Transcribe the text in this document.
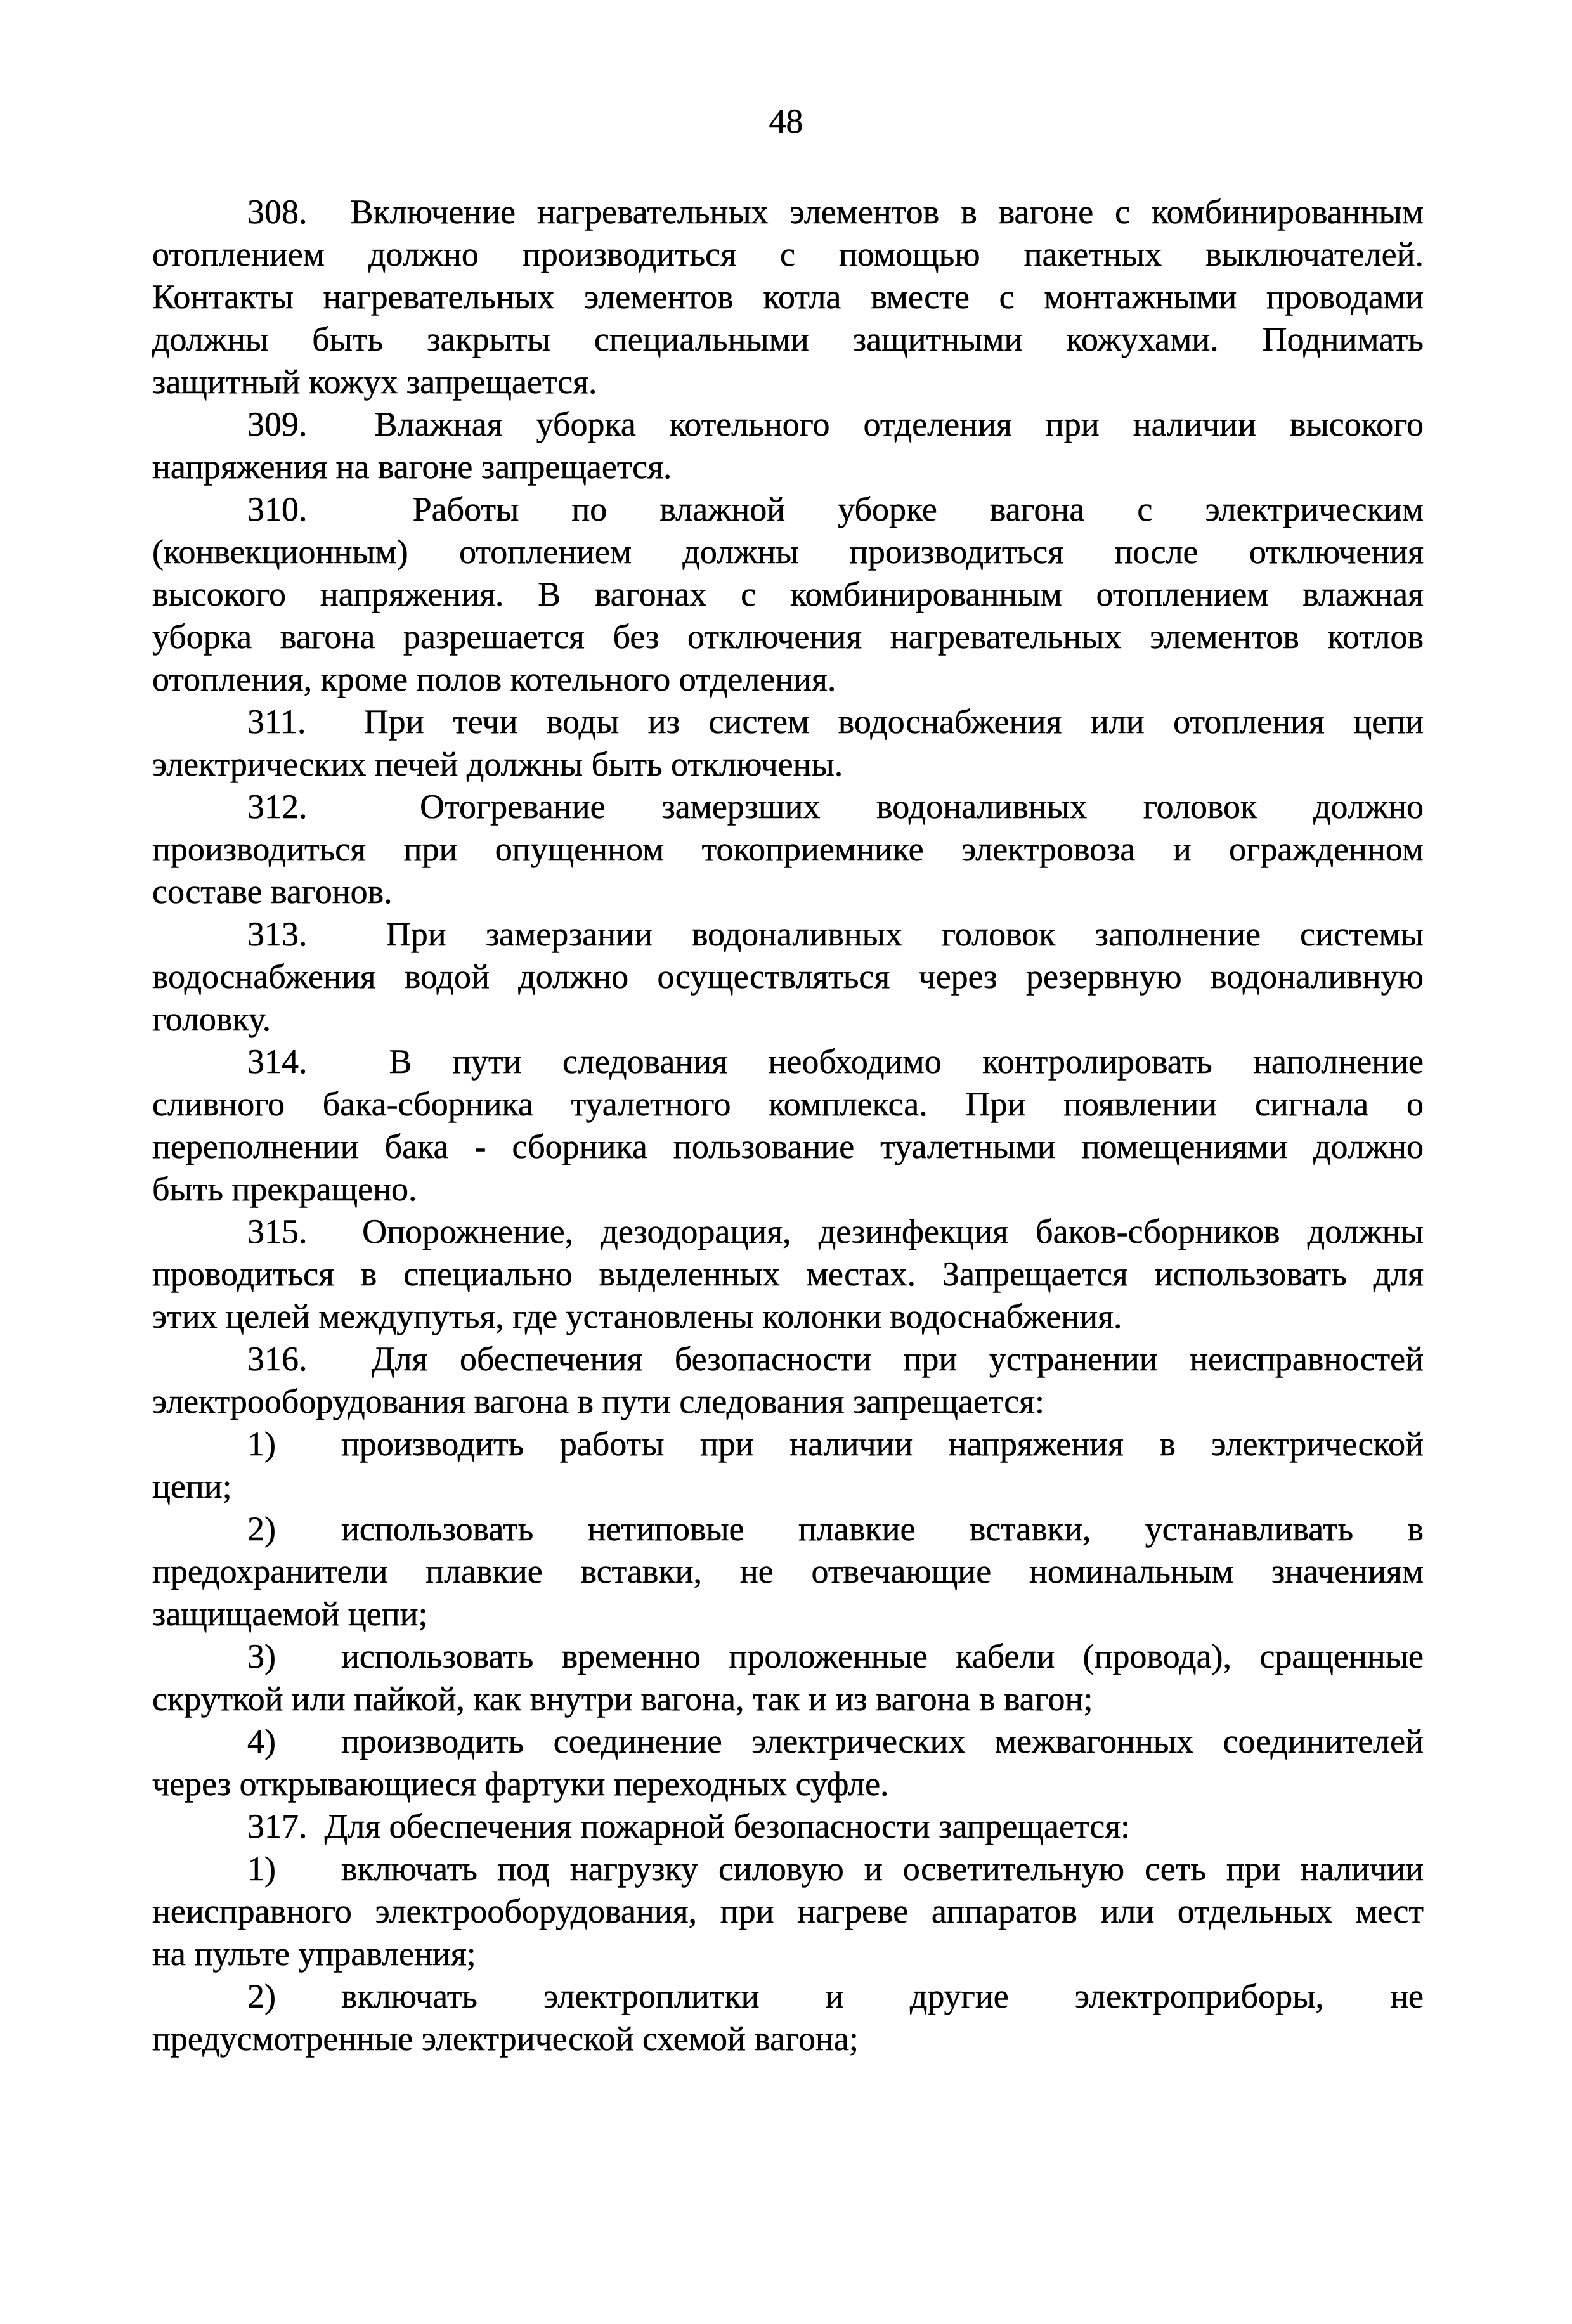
48
308.  Включение нагревательных элементов в вагоне с комбинированным
отоплением должно производиться с помощью пакетных выключателей.
Контакты нагревательных элементов котла вместе с монтажными проводами
должны быть закрыты специальными защитными кожухами. Поднимать
защитный кожух запрещается.
309.  Влажная уборка котельного отделения при наличии высокого
напряжения на вагоне запрещается.
310.  Работы по влажной уборке вагона с электрическим
(конвекционным) отоплением должны производиться после отключения
высокого напряжения. В вагонах с комбинированным отоплением влажная
уборка вагона разрешается без отключения нагревательных элементов котлов
отопления, кроме полов котельного отделения.
311.  При течи воды из систем водоснабжения или отопления цепи
электрических печей должны быть отключены.
312.  Отогревание замерзших водоналивных головок должно
производиться при опущенном токоприемнике электровоза и огражденном
составе вагонов.
313.  При замерзании водоналивных головок заполнение системы
водоснабжения водой должно осуществляться через резервную водоналивную
головку.
314.  В пути следования необходимо контролировать наполнение
сливного бака-сборника туалетного комплекса. При появлении сигнала о
переполнении бака - сборника пользование туалетными помещениями должно
быть прекращено.
315.  Опорожнение, дезодорация, дезинфекция баков-сборников должны
проводиться в специально выделенных местах. Запрещается использовать для
этих целей междупутья, где установлены колонки водоснабжения.
316.  Для обеспечения безопасности при устранении неисправностей
электрооборудования вагона в пути следования запрещается:
1) производить работы при наличии напряжения в электрической
цепи;
2) использовать нетиповые плавкие вставки, устанавливать в
предохранители плавкие вставки, не отвечающие номинальным значениям
защищаемой цепи;
3) использовать временно проложенные кабели (провода), сращенные
скруткой или пайкой, как внутри вагона, так и из вагона в вагон;
4) производить соединение электрических межвагонных соединителей
через открывающиеся фартуки переходных суфле.
317.  Для обеспечения пожарной безопасности запрещается:
1) включать под нагрузку силовую и осветительную сеть при наличии
неисправного электрооборудования, при нагреве аппаратов или отдельных мест
на пульте управления;
2) включать электроплитки и другие электроприборы, не
предусмотренные электрической схемой вагона;
